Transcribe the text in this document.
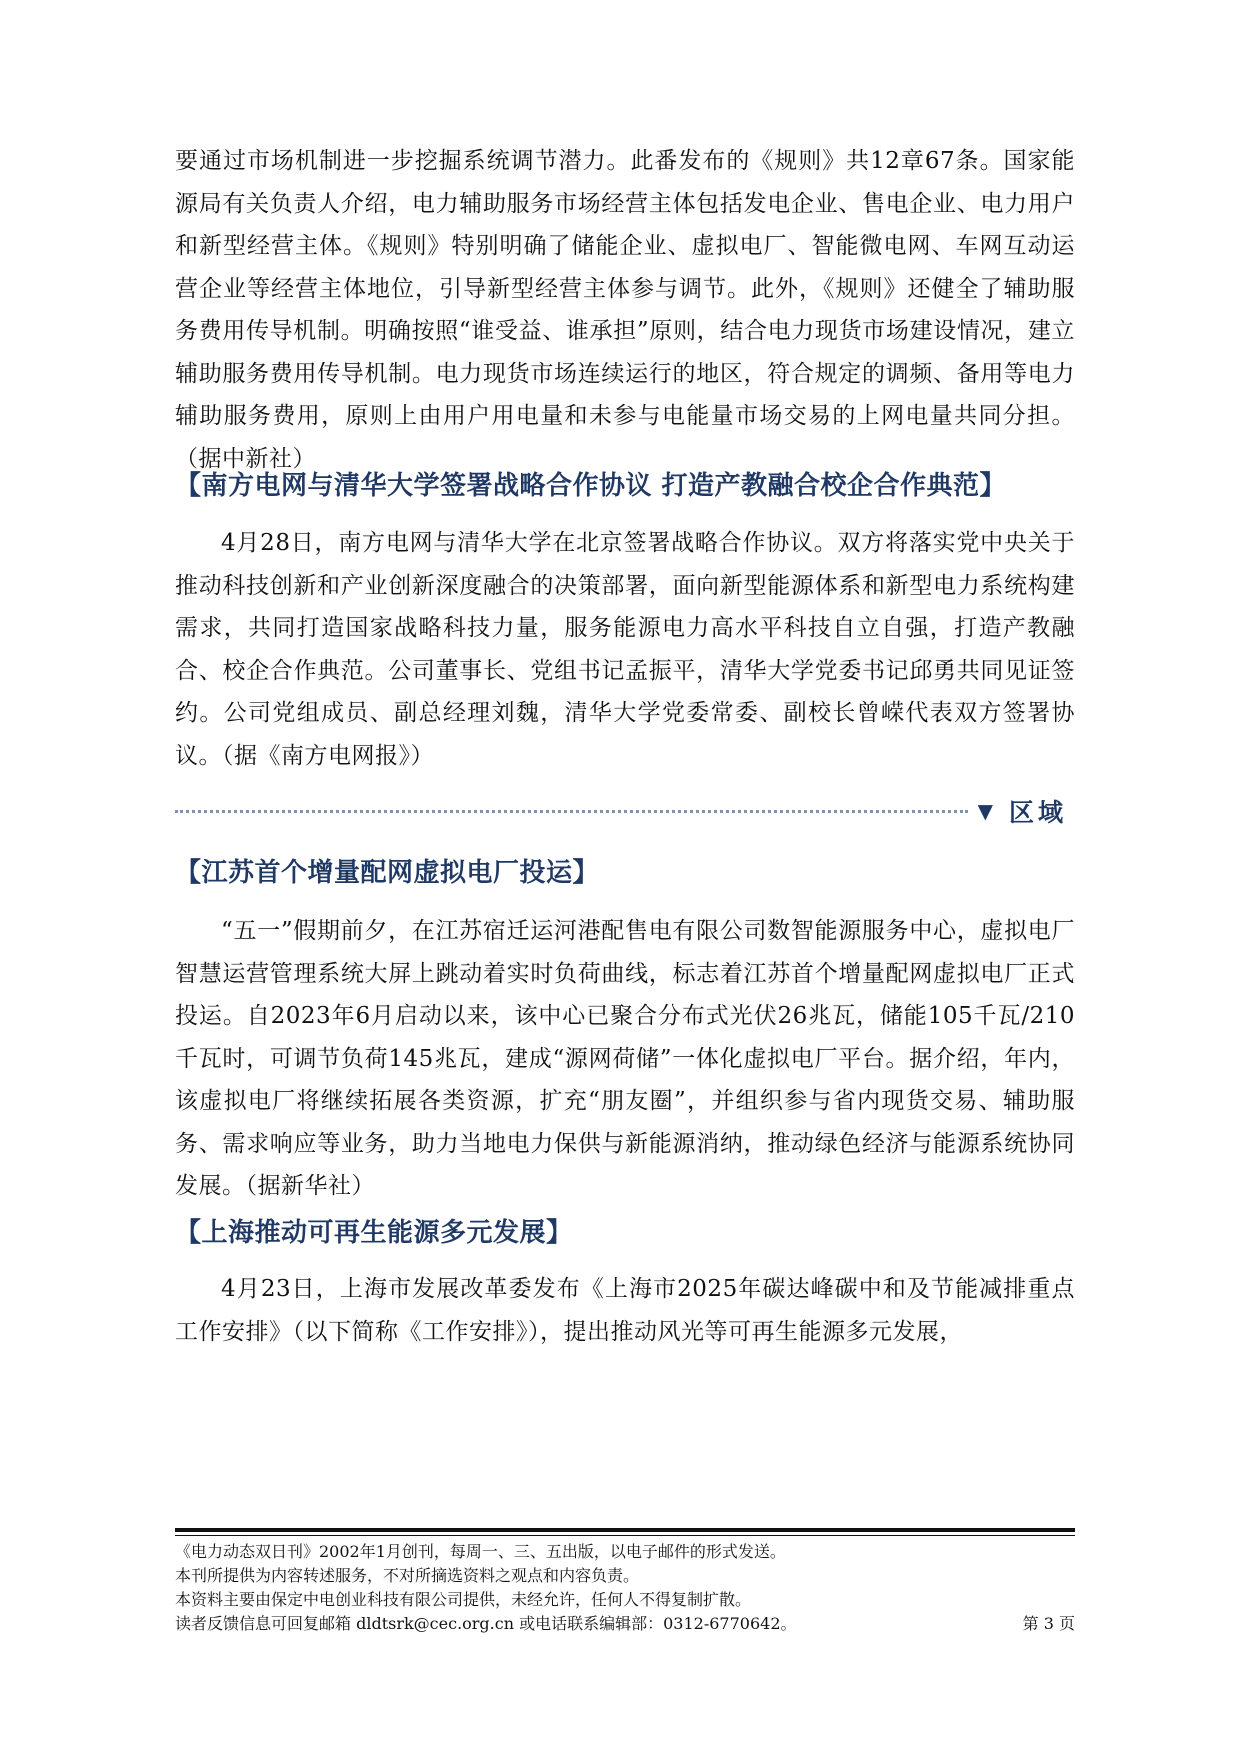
要通过市场机制进一步挖掘系统调节潜力。此番发布的《规则》共12章67条。国家能源局有关负责人介绍，电力辅助服务市场经营主体包括发电企业、售电企业、电力用户和新型经营主体。《规则》特别明确了储能企业、虚拟电厂、智能微电网、车网互动运营企业等经营主体地位，引导新型经营主体参与调节。此外，《规则》还健全了辅助服务费用传导机制。明确按照“谁受益、谁承担”原则，结合电力现货市场建设情况，建立辅助服务费用传导机制。电力现货市场连续运行的地区，符合规定的调频、备用等电力辅助服务费用，原则上由用户用电量和未参与电能量市场交易的上网电量共同分担。（据中新社）

【南方电网与清华大学签署战略合作协议 打造产教融合校企合作典范】

4月28日，南方电网与清华大学在北京签署战略合作协议。双方将落实党中央关于推动科技创新和产业创新深度融合的决策部署，面向新型能源体系和新型电力系统构建需求，共同打造国家战略科技力量，服务能源电力高水平科技自立自强，打造产教融合、校企合作典范。公司董事长、党组书记孟振平，清华大学党委书记邱勇共同见证签约。公司党组成员、副总经理刘魏，清华大学党委常委、副校长曾嵘代表双方签署协议。（据《南方电网报》）

【江苏首个增量配网虚拟电厂投运】

“五一”假期前夕，在江苏宿迁运河港配售电有限公司数智能源服务中心，虚拟电厂智慧运营管理系统大屏上跳动着实时负荷曲线，标志着江苏首个增量配网虚拟电厂正式投运。自2023年6月启动以来，该中心已聚合分布式光伏26兆瓦，储能105千瓦/210千瓦时，可调节负荷145兆瓦，建成“源网荷储”一体化虚拟电厂平台。据介绍，年内，该虚拟电厂将继续拓展各类资源，扩充“朋友圈”，并组织参与省内现货交易、辅助服务、需求响应等业务，助力当地电力保供与新能源消纳，推动绿色经济与能源系统协同发展。（据新华社）

【上海推动可再生能源多元发展】

4月23日，上海市发展改革委发布《上海市2025年碳达峰碳中和及节能减排重点工作安排》（以下简称《工作安排》），提出推动风光等可再生能源多元发展，

▼ 区域
《电力动态双日刊》2002年1月创刊，每周一、三、五出版，以电子邮件的形式发送。
本刊所提供为内容转述服务，不对所摘选资料之观点和内容负责。
本资料主要由保定中电创业科技有限公司提供，未经允许，任何人不得复制扩散。
读者反馈信息可回复邮箱 dldtsrk@cec.org.cn 或电话联系编辑部：0312-6770642。	第 3 页
